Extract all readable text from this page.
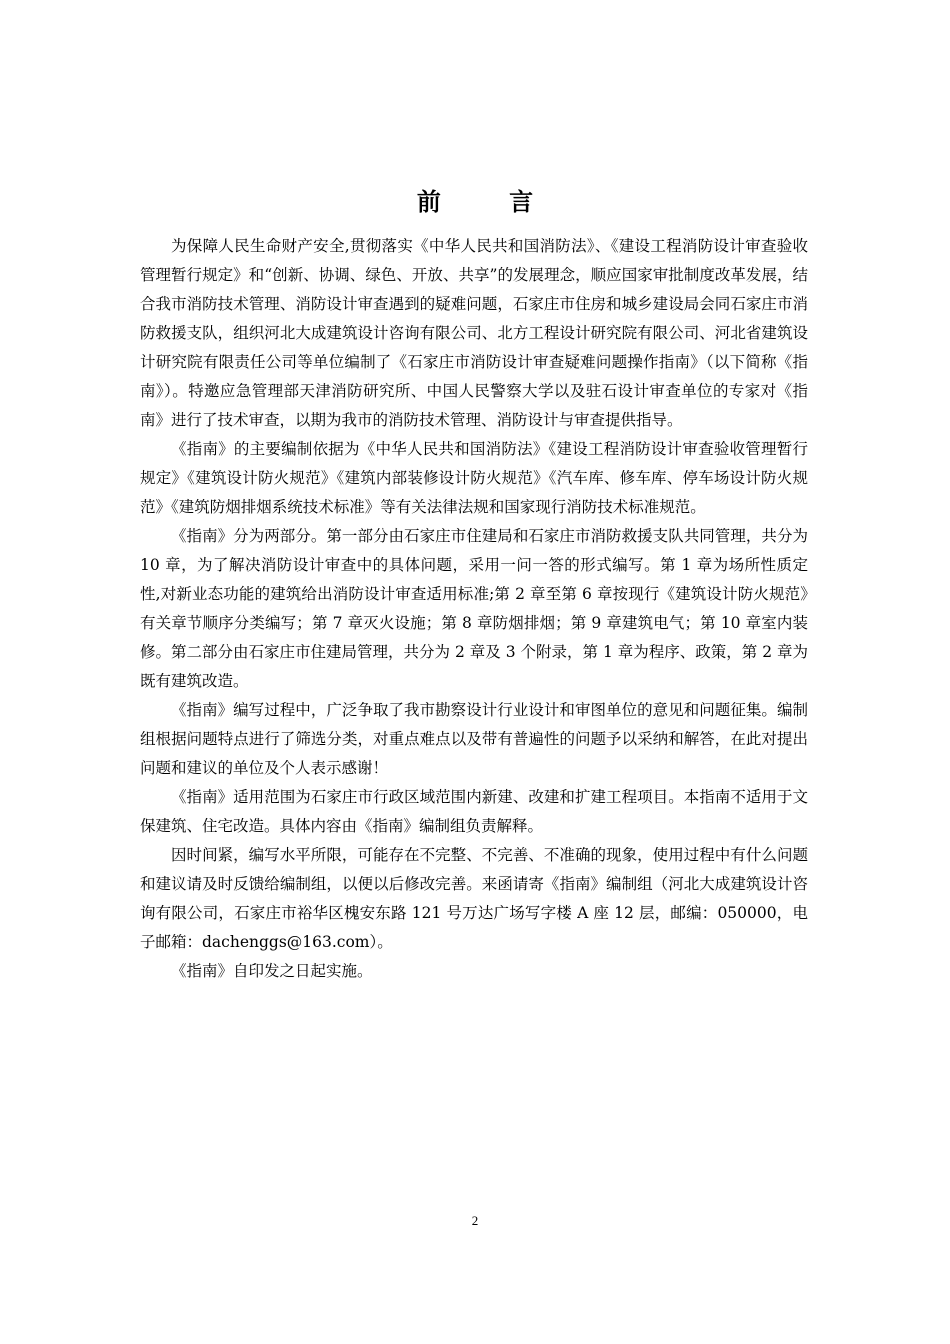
前 言

为保障人民生命财产安全,贯彻落实《中华人民共和国消防法》、《建设工程消防设计审查验收管理暂行规定》和“创新、协调、绿色、开放、共享”的发展理念，顺应国家审批制度改革发展，结合我市消防技术管理、消防设计审查遇到的疑难问题，石家庄市住房和城乡建设局会同石家庄市消防救援支队，组织河北大成建筑设计咨询有限公司、北方工程设计研究院有限公司、河北省建筑设计研究院有限责任公司等单位编制了《石家庄市消防设计审查疑难问题操作指南》（以下简称《指南》）。特邀应急管理部天津消防研究所、中国人民警察大学以及驻石设计审查单位的专家对《指南》进行了技术审查，以期为我市的消防技术管理、消防设计与审查提供指导。

《指南》的主要编制依据为《中华人民共和国消防法》《建设工程消防设计审查验收管理暂行规定》《建筑设计防火规范》《建筑内部装修设计防火规范》《汽车库、修车库、停车场设计防火规范》《建筑防烟排烟系统技术标准》等有关法律法规和国家现行消防技术标准规范。

《指南》分为两部分。第一部分由石家庄市住建局和石家庄市消防救援支队共同管理，共分为 10 章，为了解决消防设计审查中的具体问题，采用一问一答的形式编写。第 1 章为场所性质定性,对新业态功能的建筑给出消防设计审查适用标准;第 2 章至第 6 章按现行《建筑设计防火规范》有关章节顺序分类编写；第 7 章灭火设施；第 8 章防烟排烟；第 9 章建筑电气；第 10 章室内装修。第二部分由石家庄市住建局管理，共分为 2 章及 3 个附录，第 1 章为程序、政策，第 2 章为既有建筑改造。

《指南》编写过程中，广泛争取了我市勘察设计行业设计和审图单位的意见和问题征集。编制组根据问题特点进行了筛选分类，对重点难点以及带有普遍性的问题予以采纳和解答，在此对提出问题和建议的单位及个人表示感谢！

《指南》适用范围为石家庄市行政区域范围内新建、改建和扩建工程项目。本指南不适用于文保建筑、住宅改造。具体内容由《指南》编制组负责解释。

因时间紧，编写水平所限，可能存在不完整、不完善、不准确的现象，使用过程中有什么问题和建议请及时反馈给编制组，以便以后修改完善。来函请寄《指南》编制组（河北大成建筑设计咨询有限公司，石家庄市裕华区槐安东路 121 号万达广场写字楼 A 座 12 层，邮编：050000，电子邮箱：dachenggs@163.com）。

《指南》自印发之日起实施。

2
